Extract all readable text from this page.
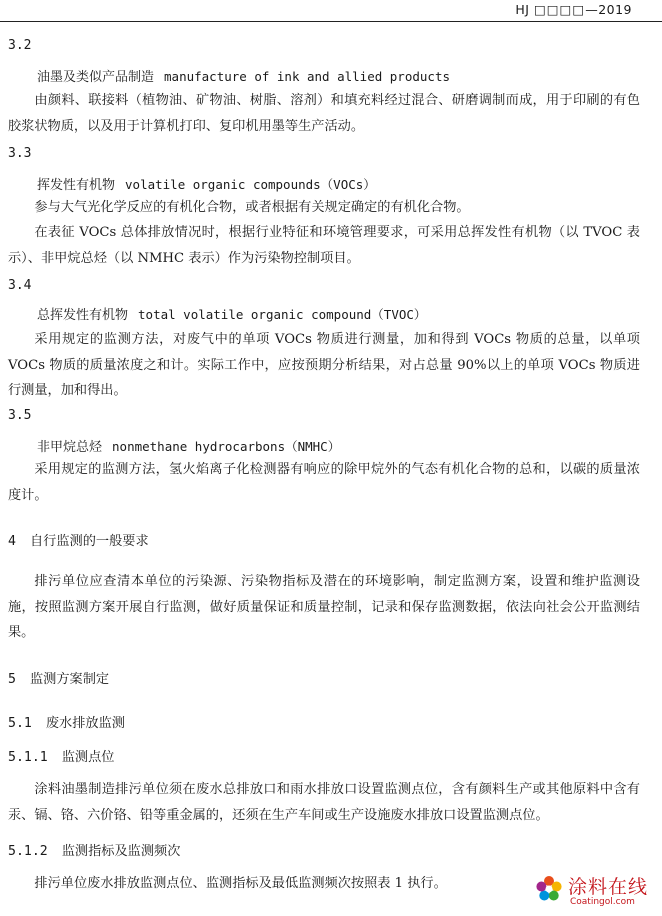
HJ □□□□—2019
3.2
油墨及类似产品制造 manufacture of ink and allied products
由颜料、联接料（植物油、矿物油、树脂、溶剂）和填充料经过混合、研磨调制而成，用于印刷的有色胶浆状物质，以及用于计算机打印、复印机用墨等生产活动。
3.3
挥发性有机物 volatile organic compounds（VOCs）
参与大气光化学反应的有机化合物，或者根据有关规定确定的有机化合物。
在表征 VOCs 总体排放情况时，根据行业特征和环境管理要求，可采用总挥发性有机物（以 TVOC 表示）、非甲烷总烃（以 NMHC 表示）作为污染物控制项目。
3.4
总挥发性有机物 total volatile organic compound（TVOC）
采用规定的监测方法，对废气中的单项 VOCs 物质进行测量，加和得到 VOCs 物质的总量，以单项 VOCs 物质的质量浓度之和计。实际工作中，应按预期分析结果，对占总量 90%以上的单项 VOCs 物质进行测量，加和得出。
3.5
非甲烷总烃 nonmethane hydrocarbons（NMHC）
采用规定的监测方法，氢火焰离子化检测器有响应的除甲烷外的气态有机化合物的总和，以碳的质量浓度计。
4 自行监测的一般要求
排污单位应查清本单位的污染源、污染物指标及潜在的环境影响，制定监测方案，设置和维护监测设施，按照监测方案开展自行监测，做好质量保证和质量控制，记录和保存监测数据，依法向社会公开监测结果。
5 监测方案制定
5.1 废水排放监测
5.1.1 监测点位
涂料油墨制造排污单位须在废水总排放口和雨水排放口设置监测点位，含有颜料生产或其他原料中含有汞、镉、铬、六价铬、铅等重金属的，还须在生产车间或生产设施废水排放口设置监测点位。
5.1.2 监测指标及监测频次
排污单位废水排放监测点位、监测指标及最低监测频次按照表 1 执行。	涂料在线
Coatingol.com
